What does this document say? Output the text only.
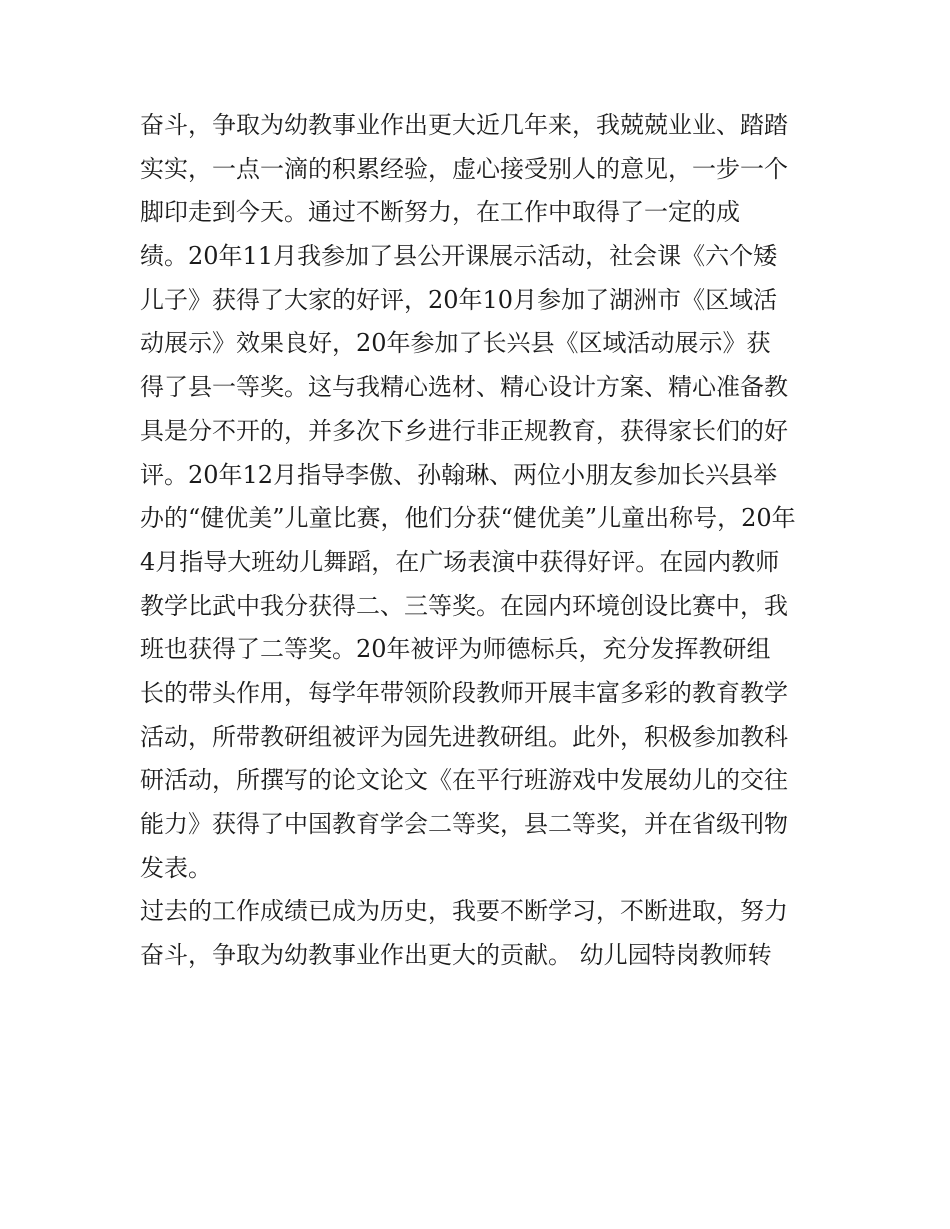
奋斗，争取为幼教事业作出更大近几年来，我兢兢业业、踏踏
实实，一点一滴的积累经验，虚心接受别人的意见，一步一个
脚印走到今天。通过不断努力，在工作中取得了一定的成
绩。20年11月我参加了县公开课展示活动，社会课《六个矮
儿子》获得了大家的好评，20年10月参加了湖洲市《区域活
动展示》效果良好，20年参加了长兴县《区域活动展示》获
得了县一等奖。这与我精心选材、精心设计方案、精心准备教
具是分不开的，并多次下乡进行非正规教育，获得家长们的好
评。20年12月指导李傲、孙翰琳、两位小朋友参加长兴县举
办的“健优美”儿童比赛，他们分获“健优美”儿童出称号，20年
4月指导大班幼儿舞蹈，在广场表演中获得好评。在园内教师
教学比武中我分获得二、三等奖。在园内环境创设比赛中，我
班也获得了二等奖。20年被评为师德标兵，充分发挥教研组
长的带头作用，每学年带领阶段教师开展丰富多彩的教育教学
活动，所带教研组被评为园先进教研组。此外，积极参加教科
研活动，所撰写的论文论文《在平行班游戏中发展幼儿的交往
能力》获得了中国教育学会二等奖，县二等奖，并在省级刊物
发表。
过去的工作成绩已成为历史，我要不断学习，不断进取，努力
奋斗，争取为幼教事业作出更大的贡献。 幼儿园特岗教师转
